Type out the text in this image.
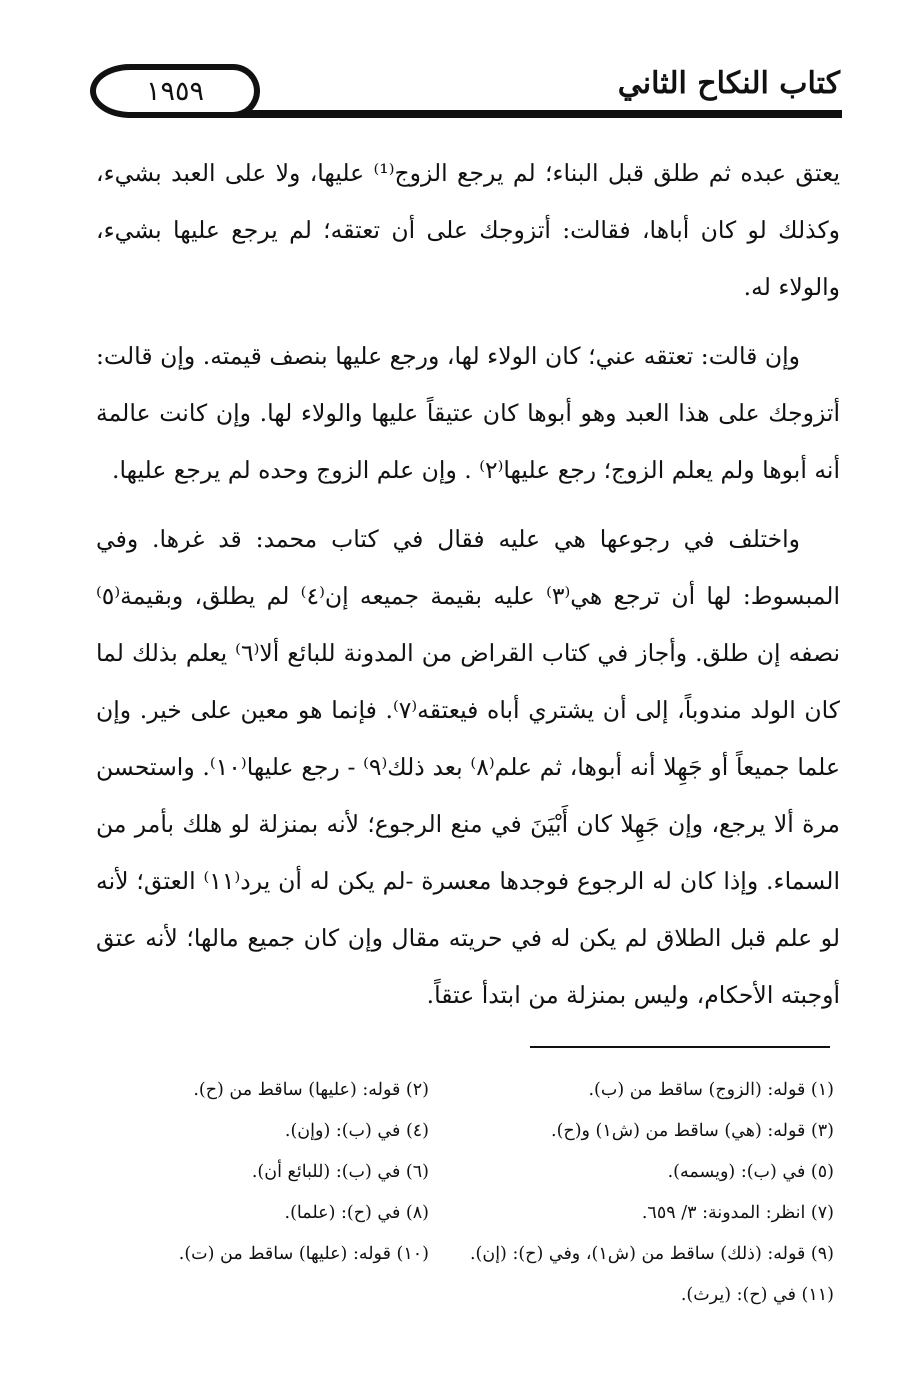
كتاب النكاح الثاني
١٩٥٩

يعتق عبده ثم طلق قبل البناء؛ لم يرجع الزوج⁽¹⁾ عليها، ولا على العبد بشيء، وكذلك لو كان أباها، فقالت: أتزوجك على أن تعتقه؛ لم يرجع عليها بشيء، والولاء له.

وإن قالت: تعتقه عني؛ كان الولاء لها، ورجع عليها بنصف قيمته. وإن قالت: أتزوجك على هذا العبد وهو أبوها كان عتيقاً عليها والولاء لها. وإن كانت عالمة أنه أبوها ولم يعلم الزوج؛ رجع عليها⁽٢⁾ . وإن علم الزوج وحده لم يرجع عليها.

واختلف في رجوعها هي عليه فقال في كتاب محمد: قد غرها. وفي المبسوط: لها أن ترجع هي⁽٣⁾ عليه بقيمة جميعه إن⁽٤⁾ لم يطلق، وبقيمة⁽٥⁾ نصفه إن طلق. وأجاز في كتاب القراض من المدونة للبائع ألا⁽٦⁾ يعلم بذلك لما كان الولد مندوباً، إلى أن يشتري أباه فيعتقه⁽٧⁾. فإنما هو معين على خير. وإن علما جميعاً أو جَهِلا أنه أبوها، ثم علم⁽٨⁾ بعد ذلك⁽٩⁾ - رجع عليها⁽١٠⁾. واستحسن مرة ألا يرجع، وإن جَهِلا كان أَبْيَنَ في منع الرجوع؛ لأنه بمنزلة لو هلك بأمر من السماء. وإذا كان له الرجوع فوجدها معسرة -لم يكن له أن يرد⁽١١⁾ العتق؛ لأنه لو علم قبل الطلاق لم يكن له في حريته مقال وإن كان جميع مالها؛ لأنه عتق أوجبته الأحكام، وليس بمنزلة من ابتدأ عتقاً.

(١) قوله: (الزوج) ساقط من (ب).
(٢) قوله: (عليها) ساقط من (ح).
(٣) قوله: (هي) ساقط من (ش١) و(ح).
(٤) في (ب): (وإن).
(٥) في (ب): (ويسمه).
(٦) في (ب): (للبائع أن).
(٧) انظر: المدونة: ٣/ ٦٥٩.
(٨) في (ح): (علما).
(٩) قوله: (ذلك) ساقط من (ش١)، وفي (ح): (إن).
(١٠) قوله: (عليها) ساقط من (ت).
(١١) في (ح): (يرث).
